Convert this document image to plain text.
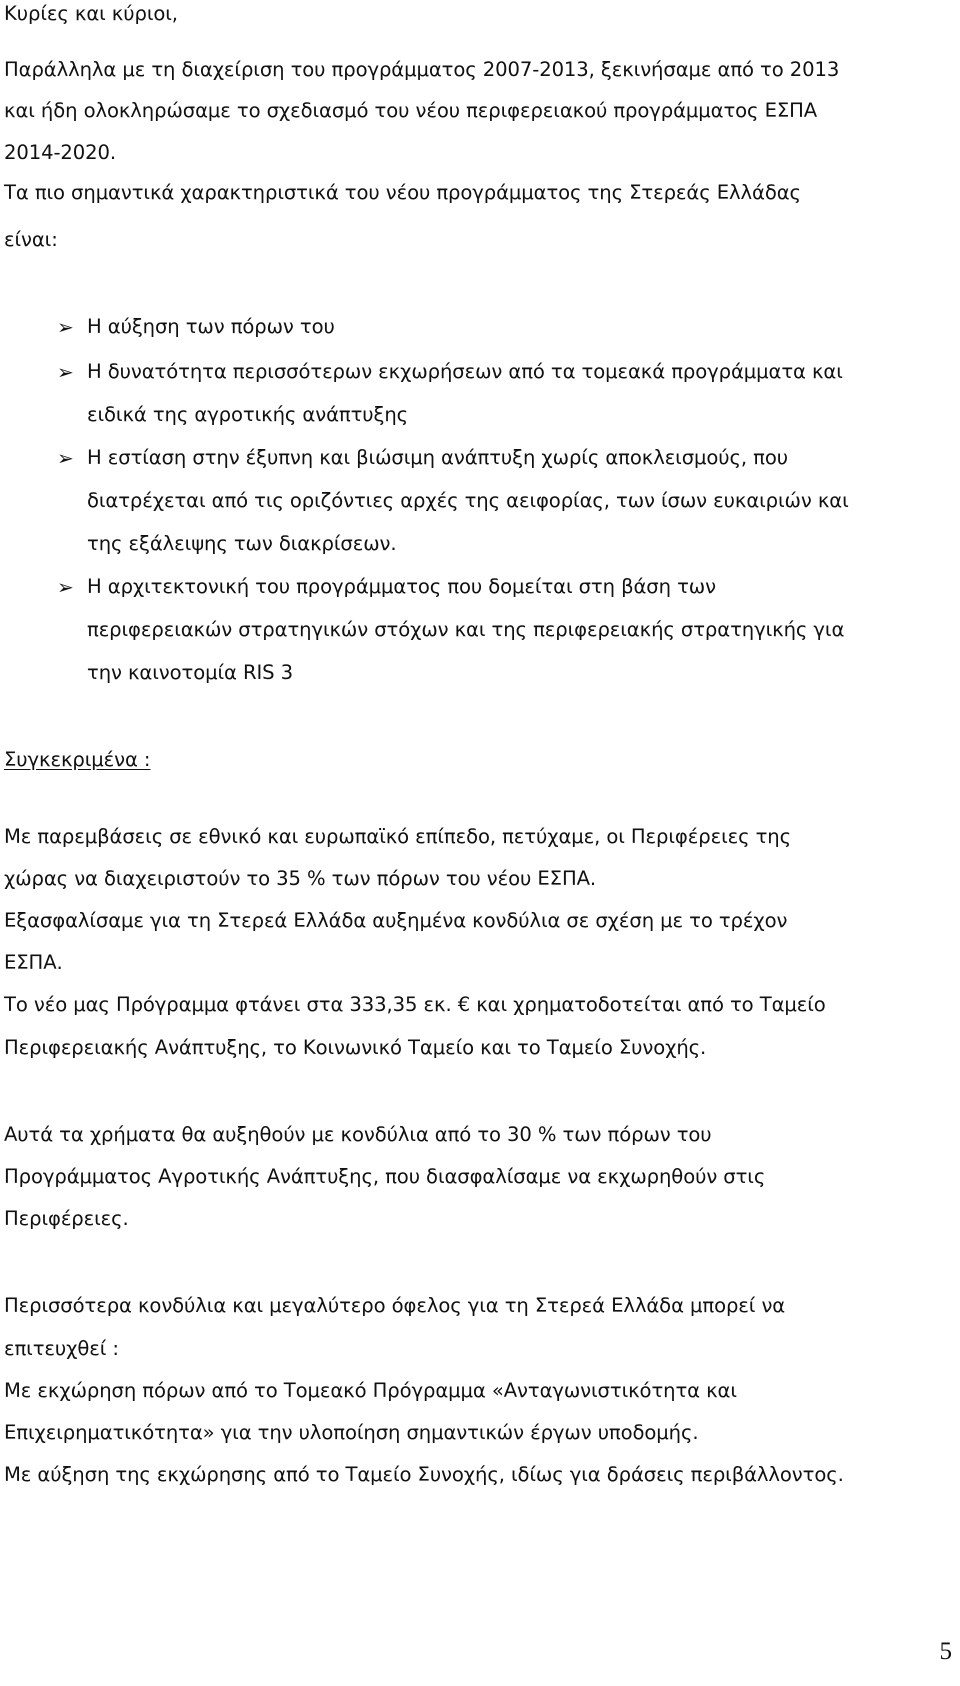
Κυρίες και κύριοι,

Παράλληλα με τη διαχείριση του προγράμματος 2007-2013, ξεκινήσαμε από το 2013

και ήδη ολοκληρώσαμε το σχεδιασμό του νέου περιφερειακού προγράμματος ΕΣΠΑ

2014-2020.

Τα πιο σημαντικά χαρακτηριστικά του νέου προγράμματος της Στερεάς Ελλάδας

είναι:

➢ Η αύξηση των πόρων του

➢ Η δυνατότητα περισσότερων εκχωρήσεων από τα τομεακά προγράμματα και

ειδικά της αγροτικής ανάπτυξης

➢ Η εστίαση στην έξυπνη και βιώσιμη ανάπτυξη χωρίς αποκλεισμούς, που

διατρέχεται από τις οριζόντιες αρχές της αειφορίας, των ίσων ευκαιριών και

της εξάλειψης των διακρίσεων.

➢ Η αρχιτεκτονική του προγράμματος που δομείται στη βάση των

περιφερειακών στρατηγικών στόχων και της περιφερειακής στρατηγικής για

την καινοτομία RIS 3

Συγκεκριμένα :

Με παρεμβάσεις σε εθνικό και ευρωπαϊκό επίπεδο, πετύχαμε, οι Περιφέρειες της

χώρας να διαχειριστούν το 35 % των πόρων του νέου ΕΣΠΑ.

Εξασφαλίσαμε για τη Στερεά Ελλάδα αυξημένα κονδύλια σε σχέση με το τρέχον

ΕΣΠΑ.

Το νέο μας Πρόγραμμα φτάνει στα 333,35 εκ. € και χρηματοδοτείται από το Ταμείο

Περιφερειακής Ανάπτυξης, το Κοινωνικό Ταμείο και το Ταμείο Συνοχής.

Αυτά τα χρήματα θα αυξηθούν με κονδύλια από το 30 % των πόρων του

Προγράμματος Αγροτικής Ανάπτυξης, που διασφαλίσαμε να εκχωρηθούν στις

Περιφέρειες.

Περισσότερα κονδύλια και μεγαλύτερο όφελος για τη Στερεά Ελλάδα μπορεί να

επιτευχθεί :

Με εκχώρηση πόρων από το Τομεακό Πρόγραμμα «Ανταγωνιστικότητα και

Επιχειρηματικότητα» για την υλοποίηση σημαντικών έργων υποδομής.

Με αύξηση της εκχώρησης από το Ταμείο Συνοχής, ιδίως για δράσεις περιβάλλοντος.

5
